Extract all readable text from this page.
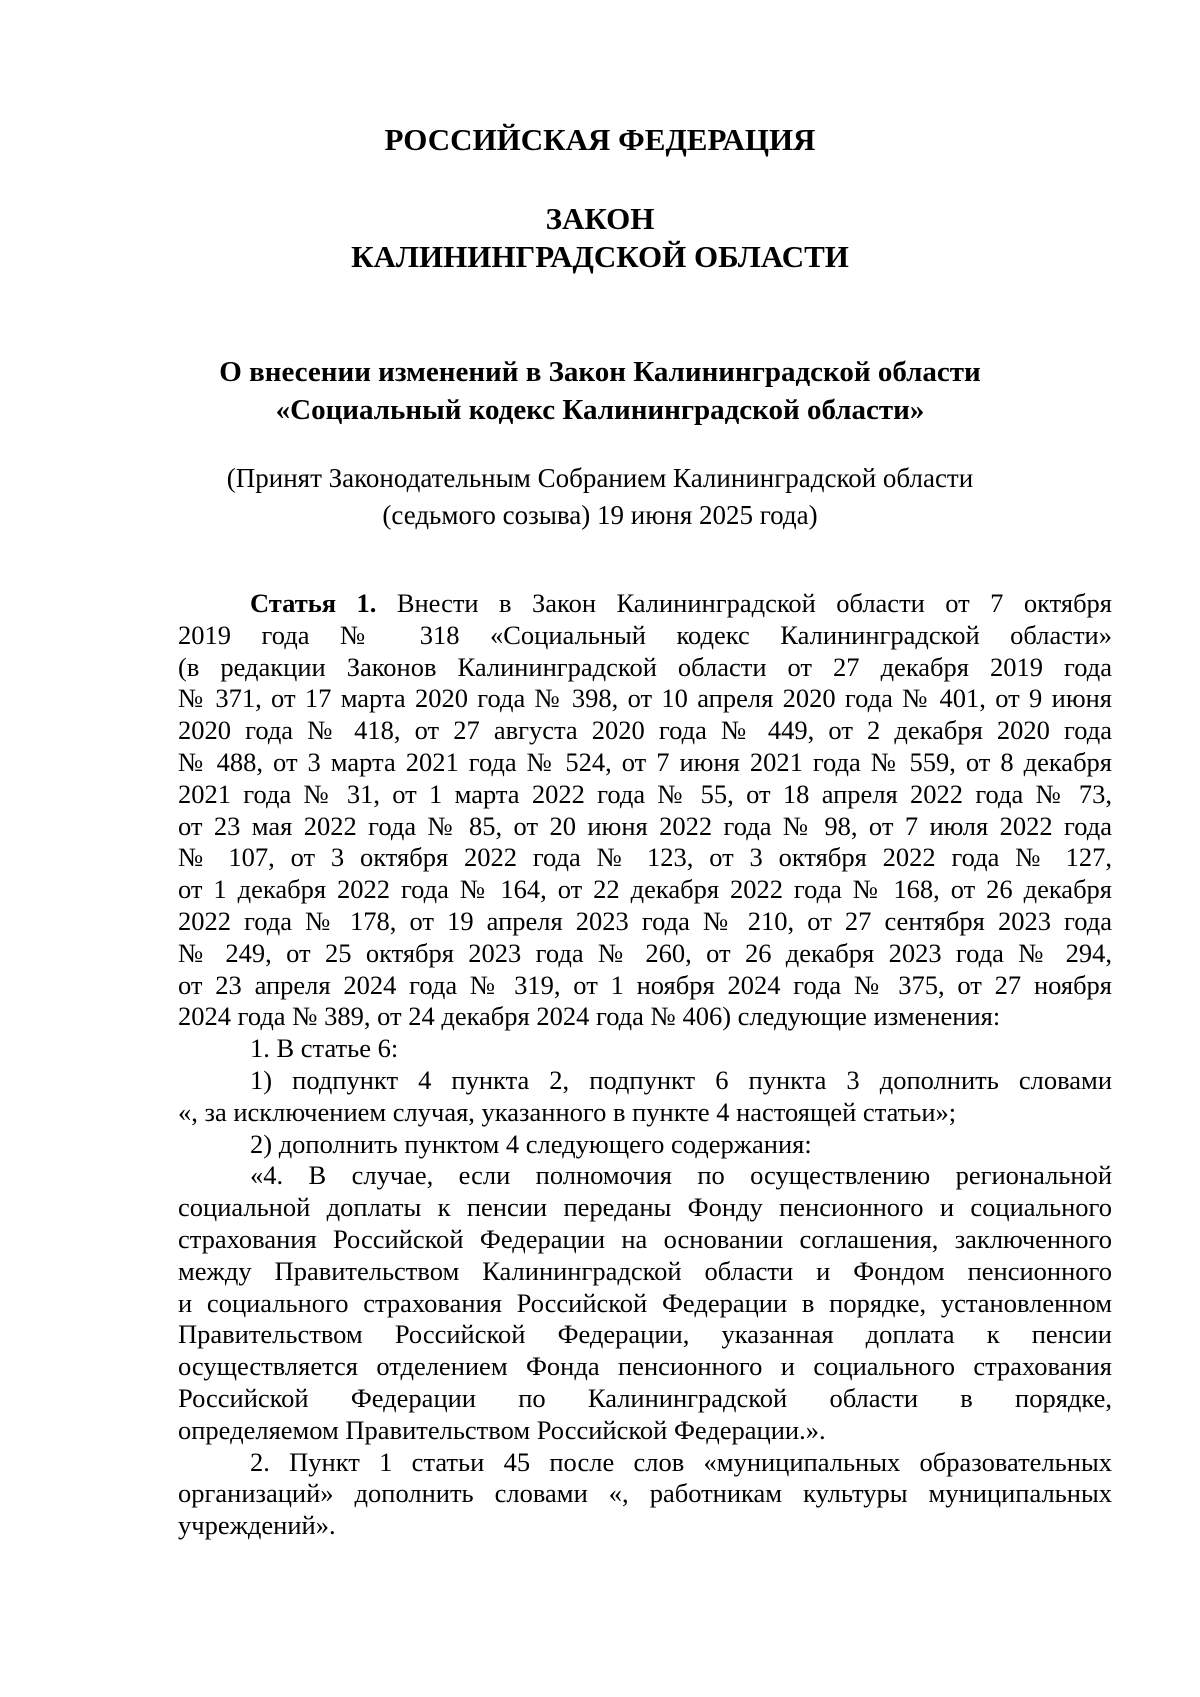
РОССИЙСКАЯ ФЕДЕРАЦИЯ
ЗАКОН
КАЛИНИНГРАДСКОЙ ОБЛАСТИ
О внесении изменений в Закон Калининградской области
«Социальный кодекс Калининградской области»
(Принят Законодательным Собранием Калининградской области
(седьмого созыва) 19 июня 2025 года)
Статья 1. Внести в Закон Калининградской области от 7 октября
2019 года № 318 «Социальный кодекс Калининградской области»
(в редакции Законов Калининградской области от 27 декабря 2019 года
№ 371, от 17 марта 2020 года № 398, от 10 апреля 2020 года № 401, от 9 июня
2020 года № 418, от 27 августа 2020 года № 449, от 2 декабря 2020 года
№ 488, от 3 марта 2021 года № 524, от 7 июня 2021 года № 559, от 8 декабря
2021 года № 31, от 1 марта 2022 года № 55, от 18 апреля 2022 года № 73,
от 23 мая 2022 года № 85, от 20 июня 2022 года № 98, от 7 июля 2022 года
№ 107, от 3 октября 2022 года № 123, от 3 октября 2022 года № 127,
от 1 декабря 2022 года № 164, от 22 декабря 2022 года № 168, от 26 декабря
2022 года № 178, от 19 апреля 2023 года № 210, от 27 сентября 2023 года
№ 249, от 25 октября 2023 года № 260, от 26 декабря 2023 года № 294,
от 23 апреля 2024 года № 319, от 1 ноября 2024 года № 375, от 27 ноября
2024 года № 389, от 24 декабря 2024 года № 406) следующие изменения:
1. В статье 6:
1) подпункт 4 пункта 2, подпункт 6 пункта 3 дополнить словами
«, за исключением случая, указанного в пункте 4 настоящей статьи»;
2) дополнить пунктом 4 следующего содержания:
«4. В случае, если полномочия по осуществлению региональной
социальной доплаты к пенсии переданы Фонду пенсионного и социального
страхования Российской Федерации на основании соглашения, заключенного
между Правительством Калининградской области и Фондом пенсионного
и социального страхования Российской Федерации в порядке, установленном
Правительством Российской Федерации, указанная доплата к пенсии
осуществляется отделением Фонда пенсионного и социального страхования
Российской Федерации по Калининградской области в порядке,
определяемом Правительством Российской Федерации.».
2. Пункт 1 статьи 45 после слов «муниципальных образовательных
организаций» дополнить словами «, работникам культуры муниципальных
учреждений».
